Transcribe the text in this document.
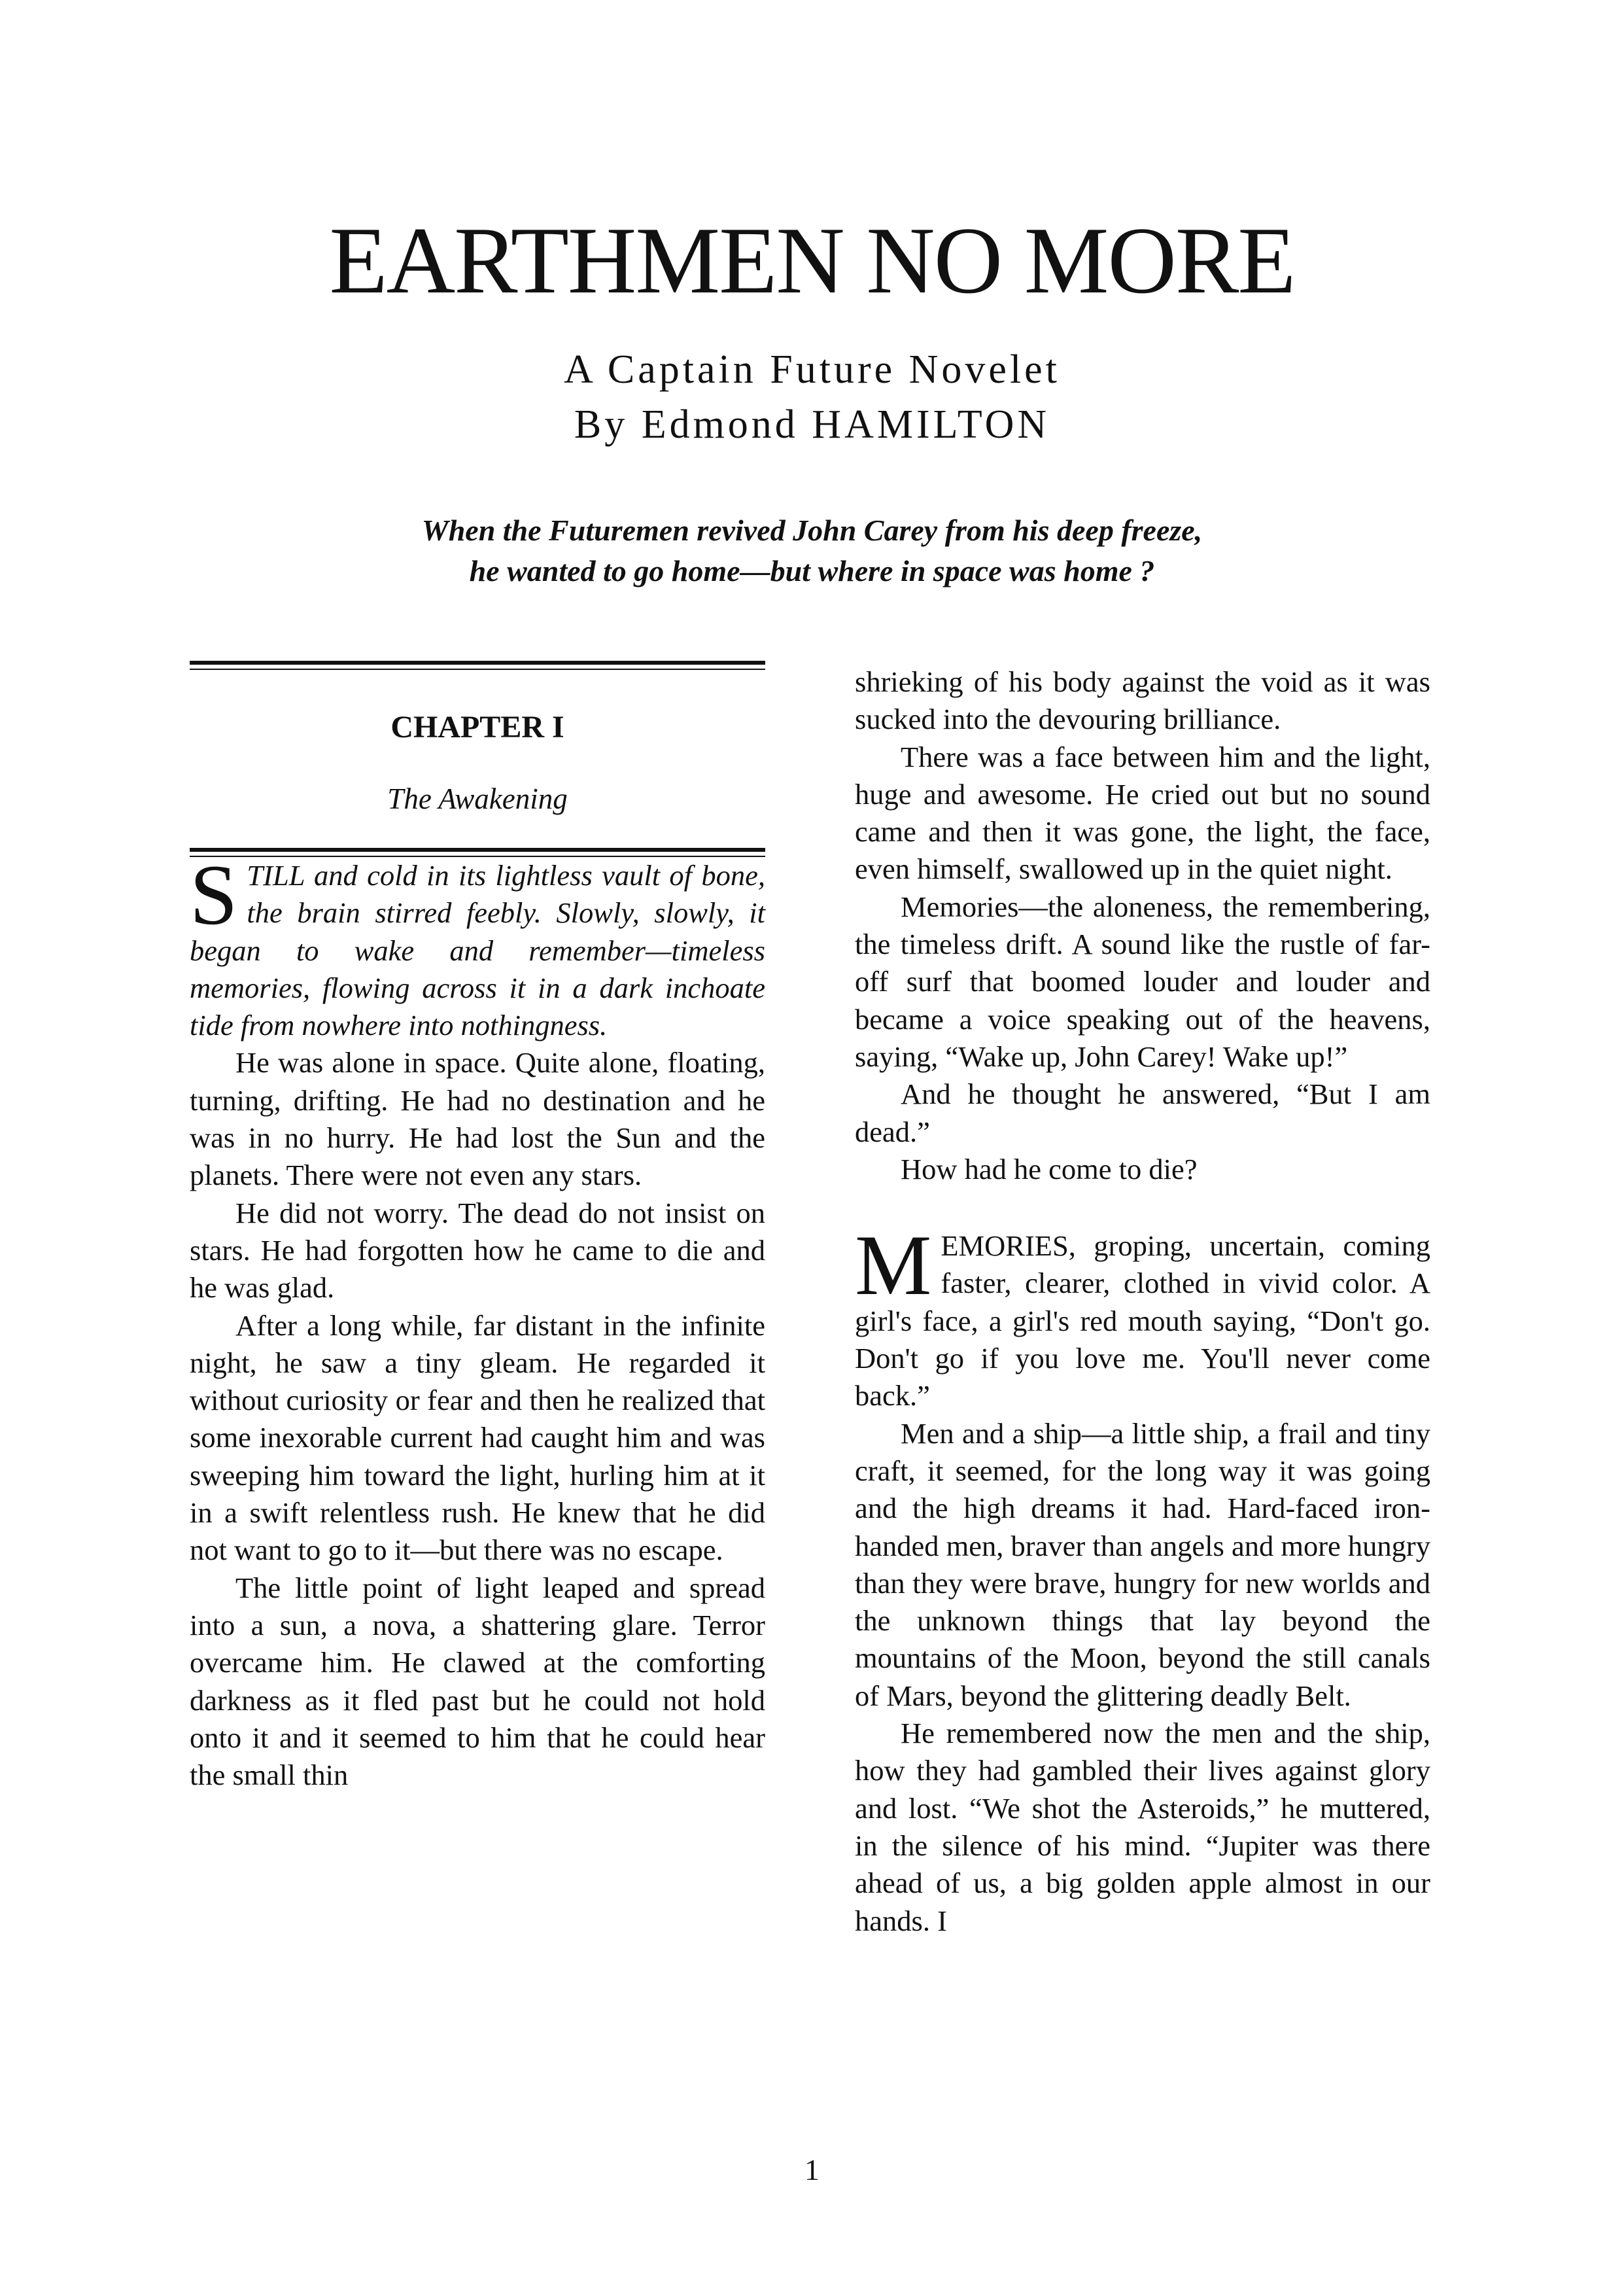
EARTHMEN NO MORE
A Captain Future Novelet
By Edmond HAMILTON
When the Futuremen revived John Carey from his deep freeze,
he wanted to go home—but where in space was home ?
CHAPTER I
The Awakening

STILL and cold in its lightless vault of bone, the brain stirred feebly. Slowly, slowly, it began to wake and remember—timeless memories, flowing across it in a dark inchoate tide from nowhere into nothingness.

He was alone in space. Quite alone, floating, turning, drifting. He had no destination and he was in no hurry. He had lost the Sun and the planets. There were not even any stars.

He did not worry. The dead do not insist on stars. He had forgotten how he came to die and he was glad.

After a long while, far distant in the infinite night, he saw a tiny gleam. He regarded it without curiosity or fear and then he realized that some inexorable current had caught him and was sweeping him toward the light, hurling him at it in a swift relentless rush. He knew that he did not want to go to it—but there was no escape.

The little point of light leaped and spread into a sun, a nova, a shattering glare. Terror overcame him. He clawed at the comforting darkness as it fled past but he could not hold onto it and it seemed to him that he could hear the small thin

shrieking of his body against the void as it was sucked into the devouring brilliance.

There was a face between him and the light, huge and awesome. He cried out but no sound came and then it was gone, the light, the face, even himself, swallowed up in the quiet night.

Memories—the aloneness, the remembering, the timeless drift. A sound like the rustle of far-off surf that boomed louder and louder and became a voice speaking out of the heavens, saying, “Wake up, John Carey! Wake up!”

And he thought he answered, “But I am dead.”

How had he come to die?

MEMORIES, groping, uncertain, coming faster, clearer, clothed in vivid color. A girl's face, a girl's red mouth saying, “Don't go. Don't go if you love me. You'll never come back.”

Men and a ship—a little ship, a frail and tiny craft, it seemed, for the long way it was going and the high dreams it had. Hard-faced iron-handed men, braver than angels and more hungry than they were brave, hungry for new worlds and the unknown things that lay beyond the mountains of the Moon, beyond the still canals of Mars, beyond the glittering deadly Belt.

He remembered now the men and the ship, how they had gambled their lives against glory and lost. “We shot the Asteroids,” he muttered, in the silence of his mind. “Jupiter was there ahead of us, a big golden apple almost in our hands. I

1
